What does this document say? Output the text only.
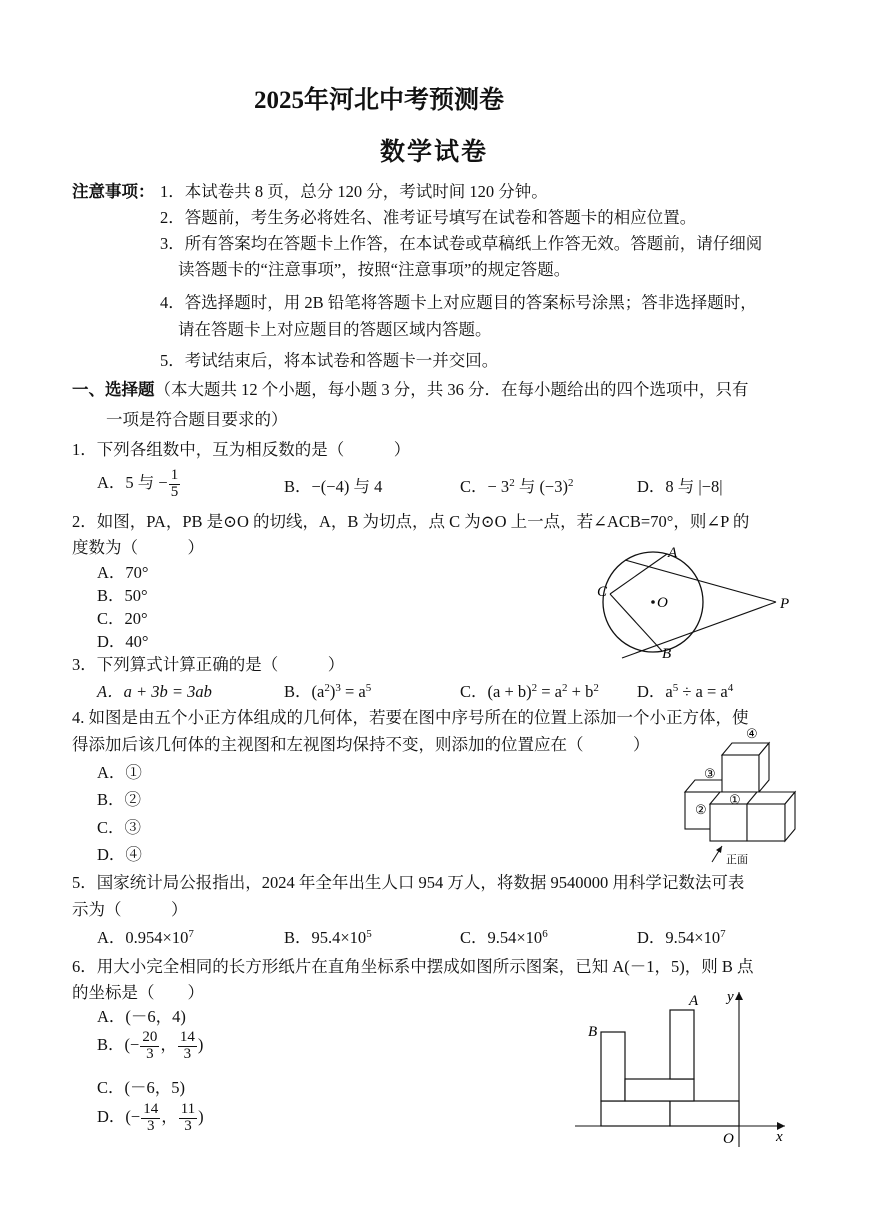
2025年河北中考预测卷
数学试卷
注意事项： 1．本试卷共 8 页，总分 120 分，考试时间 120 分钟。
2．答题前，考生务必将姓名、准考证号填写在试卷和答题卡的相应位置。
3．所有答案均在答题卡上作答，在本试卷或草稿纸上作答无效。答题前，请仔细阅
读答题卡的“注意事项”，按照“注意事项”的规定答题。
4．答选择题时，用 2B 铅笔将答题卡上对应题目的答案标号涂黑；答非选择题时，
请在答题卡上对应题目的答题区域内答题。
5．考试结束后，将本试卷和答题卡一并交回。
一、选择题（本大题共 12 个小题，每小题 3 分，共 36 分．在每小题给出的四个选项中，只有
一项是符合题目要求的）
1．下列各组数中，互为相反数的是（　　　）
A．5 与 − $\frac{1}{5}$	B．−(−4) 与 4	C．− $3^2$ 与 $(-3)^2$	D．8 与 |−8|
2．如图，PA，PB 是⊙O 的切线，A，B 为切点，点 C 为⊙O 上一点，若∠ACB=70°，则∠P 的
度数为（　　　）
A．70°
B．50°
C．20°
D．40°
A
B
C
O	P
3．下列算式计算正确的是（　　　）
A．a + 3b = 3ab	B．$(a^2)^3 = a^5$	C．$(a + b)^2 = a^2 + b^2$ D．$a^5 \div a = a^4$
4. 如图是由五个小正方体组成的几何体，若要在图中序号所在的位置上添加一个小正方体，使
得添加后该几何体的主视图和左视图均保持不变，则添加的位置应在（　　　）
A．①
B．②
C．③
D．④
④
③
②
①
正面
5．国家统计局公报指出，2024 年全年出生人口 954 万人，将数据 9540000 用科学记数法可表
示为（　　　）
A．$0.954\times 10^7$	B．$95.4\times 10^5$	C．$9.54\times 10^6$	D．$9.54\times 10^7$
6．用大小完全相同的长方形纸片在直角坐标系中摆成如图所示图案，已知 A(－1，5)，则 B 点
的坐标是（　　）
A．(－6，4)
B．(− $\frac{20}{3}$ ， $\frac{14}{3}$ )
C．(－6，5)
D．(− $\frac{14}{3}$ ， $\frac{11}{3}$ )
A
B
O	x
y
